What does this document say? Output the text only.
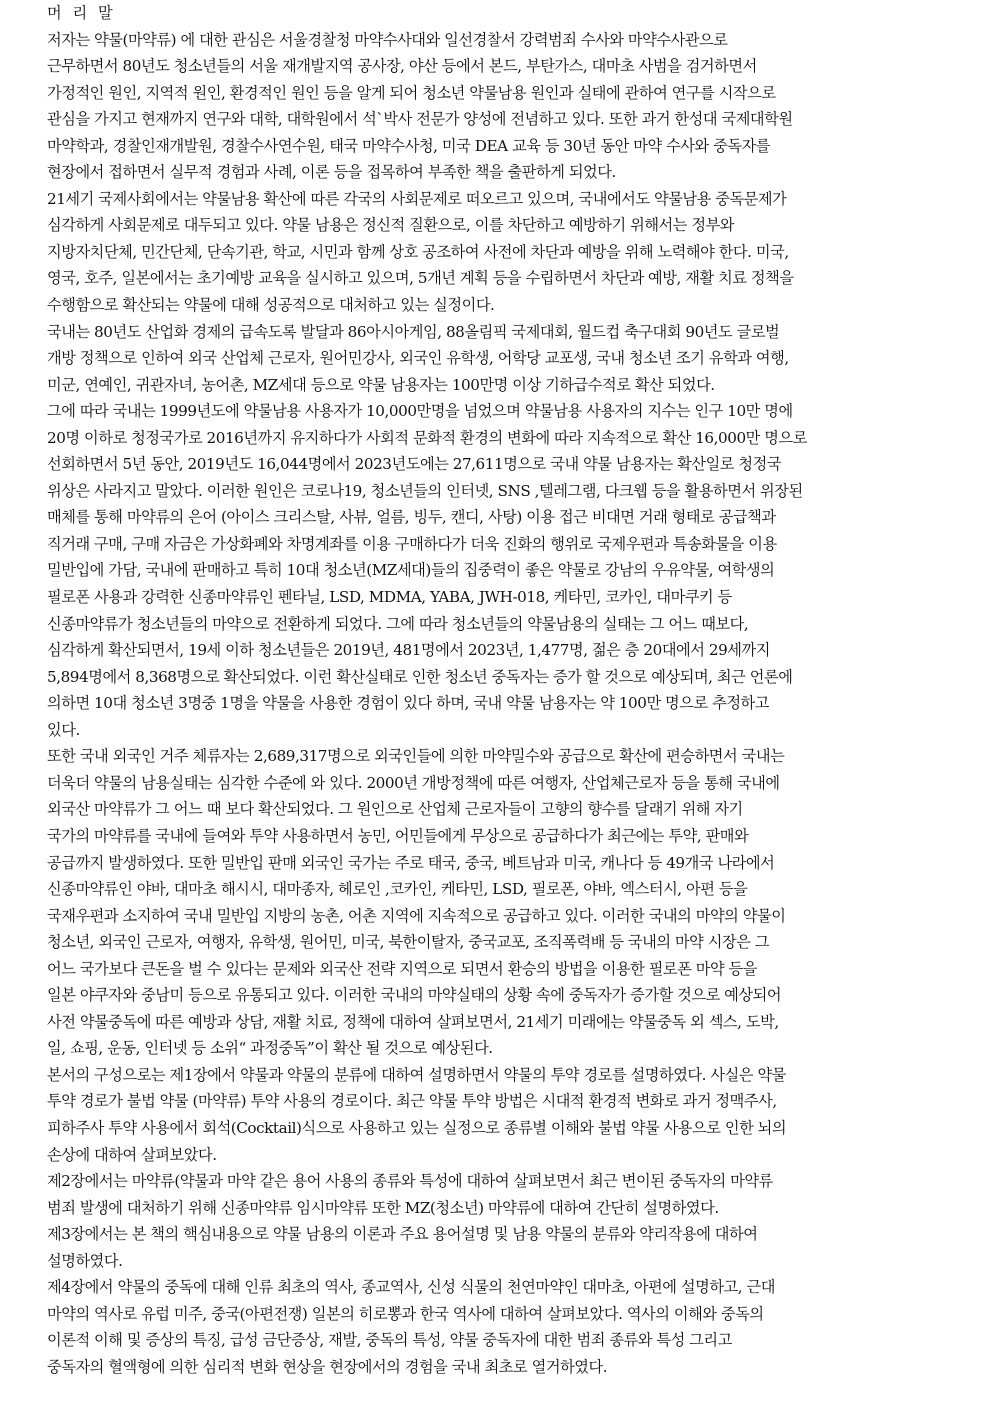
머 리 말
저자는 약물(마약류) 에 대한 관심은 서울경찰청 마약수사대와 일선경찰서 강력범죄 수사와 마약수사관으로
근무하면서 80년도 청소년들의 서울 재개발지역 공사장, 야산 등에서 본드, 부탄가스, 대마초 사범을 검거하면서
가정적인 원인, 지역적 원인, 환경적인 원인 등을 알게 되어 청소년 약물남용 원인과 실태에 관하여 연구를 시작으로
관심을 가지고 현재까지 연구와 대학, 대학원에서 석`박사 전문가 양성에 전념하고 있다. 또한 과거 한성대 국제대학원
마약학과, 경찰인재개발원, 경찰수사연수원, 태국 마약수사청, 미국 DEA 교육 등 30년 동안 마약 수사와 중독자를
현장에서 접하면서 실무적 경험과 사례, 이론 등을 접목하여 부족한 책을 출판하게 되었다.
21세기 국제사회에서는 약물남용 확산에 따른 각국의 사회문제로 떠오르고 있으며, 국내에서도 약물남용 중독문제가
심각하게 사회문제로 대두되고 있다. 약물 남용은 정신적 질환으로, 이를 차단하고 예방하기 위해서는 정부와
지방자치단체, 민간단체, 단속기관, 학교, 시민과 함께 상호 공조하여 사전에 차단과 예방을 위해 노력해야 한다. 미국,
영국, 호주, 일본에서는 초기예방 교육을 실시하고 있으며, 5개년 계획 등을 수립하면서 차단과 예방, 재활 치료 정책을
수행함으로 확산되는 약물에 대해 성공적으로 대처하고 있는 실정이다.
국내는 80년도 산업화 경제의 급속도록 발달과 86아시아게임, 88올림픽 국제대회, 월드컵 축구대회 90년도 글로벌
개방 정책으로 인하여 외국 산업체 근로자, 원어민강사, 외국인 유학생, 어학당 교포생, 국내 청소년 조기 유학과 여행,
미군, 연예인, 귀관자녀, 농어촌, MZ세대 등으로 약물 남용자는 100만명 이상 기하급수적로 확산 되었다.
그에 따라 국내는 1999년도에 약물남용 사용자가 10,000만명을 넘었으며 약물남용 사용자의 지수는 인구 10만 명에
20명 이하로 청정국가로 2016년까지 유지하다가 사회적 문화적 환경의 변화에 따라 지속적으로 확산 16,000만 명으로
선회하면서 5년 동안, 2019년도 16,044명에서 2023년도에는 27,611명으로 국내 약물 남용자는 확산일로 청정국
위상은 사라지고 말았다. 이러한 원인은 코로나19, 청소년들의 인터넷, SNS ,텔레그램, 다크웹 등을 활용하면서 위장된
매체를 통해 마약류의 은어 (아이스 크리스탈, 사뷰, 얼름, 빙두, 캔디, 사탕) 이용 접근 비대면 거래 형태로 공급책과
직거래 구매, 구매 자금은 가상화폐와 차명계좌를 이용 구매하다가 더욱 진화의 행위로 국제우편과 특송화물을 이용
밀반입에 가담, 국내에 판매하고 특히 10대 청소년(MZ세대)들의 집중력이 좋은 약물로 강남의 우유약물, 여학생의
필로폰 사용과 강력한 신종마약류인 펜타닐, LSD, MDMA, YABA, JWH-018, 케타민, 코카인, 대마쿠키 등
신종마약류가 청소년들의 마약으로 전환하게 되었다. 그에 따라 청소년들의 약물남용의 실태는 그 어느 때보다,
심각하게 확산되면서, 19세 이하 청소년들은 2019년, 481명에서 2023년, 1,477명, 젊은 층 20대에서 29세까지
5,894명에서 8,368명으로 확산되었다. 이런 확산실태로 인한 청소년 중독자는 증가 할 것으로 예상되며, 최근 언론에
의하면 10대 청소년 3명중 1명을 약물을 사용한 경험이 있다 하며, 국내 약물 남용자는 약 100만 명으로 추정하고
있다.
또한 국내 외국인 거주 체류자는 2,689,317명으로 외국인들에 의한 마약밀수와 공급으로 확산에 편승하면서 국내는
더욱더 약물의 남용실태는 심각한 수준에 와 있다. 2000년 개방정책에 따른 여행자, 산업체근로자 등을 통해 국내에
외국산 마약류가 그 어느 때 보다 확산되었다. 그 원인으로 산업체 근로자들이 고향의 향수를 달래기 위해 자기
국가의 마약류를 국내에 들여와 투약 사용하면서 농민, 어민들에게 무상으로 공급하다가 최근에는 투약, 판매와
공급까지 발생하였다. 또한 밀반입 판매 외국인 국가는 주로 태국, 중국, 베트남과 미국, 캐나다 등 49개국 나라에서
신종마약류인 야바, 대마초 해시시, 대마종자, 헤로인 ,코카인, 케타민, LSD, 필로폰, 야바, 엑스터시, 아편 등을
국재우편과 소지하여 국내 밀반입 지방의 농촌, 어촌 지역에 지속적으로 공급하고 있다. 이러한 국내의 마약의 약물이
청소년, 외국인 근로자, 여행자, 유학생, 원어민, 미국, 북한이탈자, 중국교포, 조직폭력배 등 국내의 마약 시장은 그
어느 국가보다 큰돈을 벌 수 있다는 문제와 외국산 전략 지역으로 되면서 환승의 방법을 이용한 필로폰 마약 등을
일본 야쿠자와 중남미 등으로 유통되고 있다. 이러한 국내의 마약실태의 상황 속에 중독자가 증가할 것으로 예상되어
사전 약물중독에 따른 예방과 상담, 재활 치료, 정책에 대하여 살펴보면서, 21세기 미래에는 약물중독 외 섹스, 도박,
일, 쇼핑, 운동, 인터넷 등 소위“ 과정중독”이 확산 될 것으로 예상된다.
본서의 구성으로는 제1장에서 약물과 약물의 분류에 대하여 설명하면서 약물의 투약 경로를 설명하였다. 사실은 약물
투약 경로가 불법 약물 (마약류) 투약 사용의 경로이다. 최근 약물 투약 방법은 시대적 환경적 변화로 과거 정맥주사,
피하주사 투약 사용에서 회석(Cocktail)식으로 사용하고 있는 실정으로 종류별 이해와 불법 약물 사용으로 인한 뇌의
손상에 대하여 살펴보았다.
제2장에서는 마약류(약물과 마약 같은 용어 사용의 종류와 특성에 대하여 살펴보면서 최근 변이된 중독자의 마약류
범죄 발생에 대처하기 위해 신종마약류 임시마약류 또한 MZ(청소년) 마약류에 대하여 간단히 설명하였다.
제3장에서는 본 책의 핵심내용으로 약물 남용의 이론과 주요 용어설명 및 남용 약물의 분류와 약리작용에 대하여
설명하였다.
제4장에서 약물의 중독에 대해 인류 최초의 역사, 종교역사, 신성 식물의 천연마약인 대마초, 아편에 설명하고, 근대
마약의 역사로 유럽 미주, 중국(아편전쟁) 일본의 히로뽕과 한국 역사에 대하여 살펴보았다. 역사의 이해와 중독의
이론적 이해 및 증상의 특징, 급성 금단증상, 재발, 중독의 특성, 약물 중독자에 대한 범죄 종류와 특성 그리고
중독자의 혈액형에 의한 심리적 변화 현상을 현장에서의 경험을 국내 최초로 열거하였다.
